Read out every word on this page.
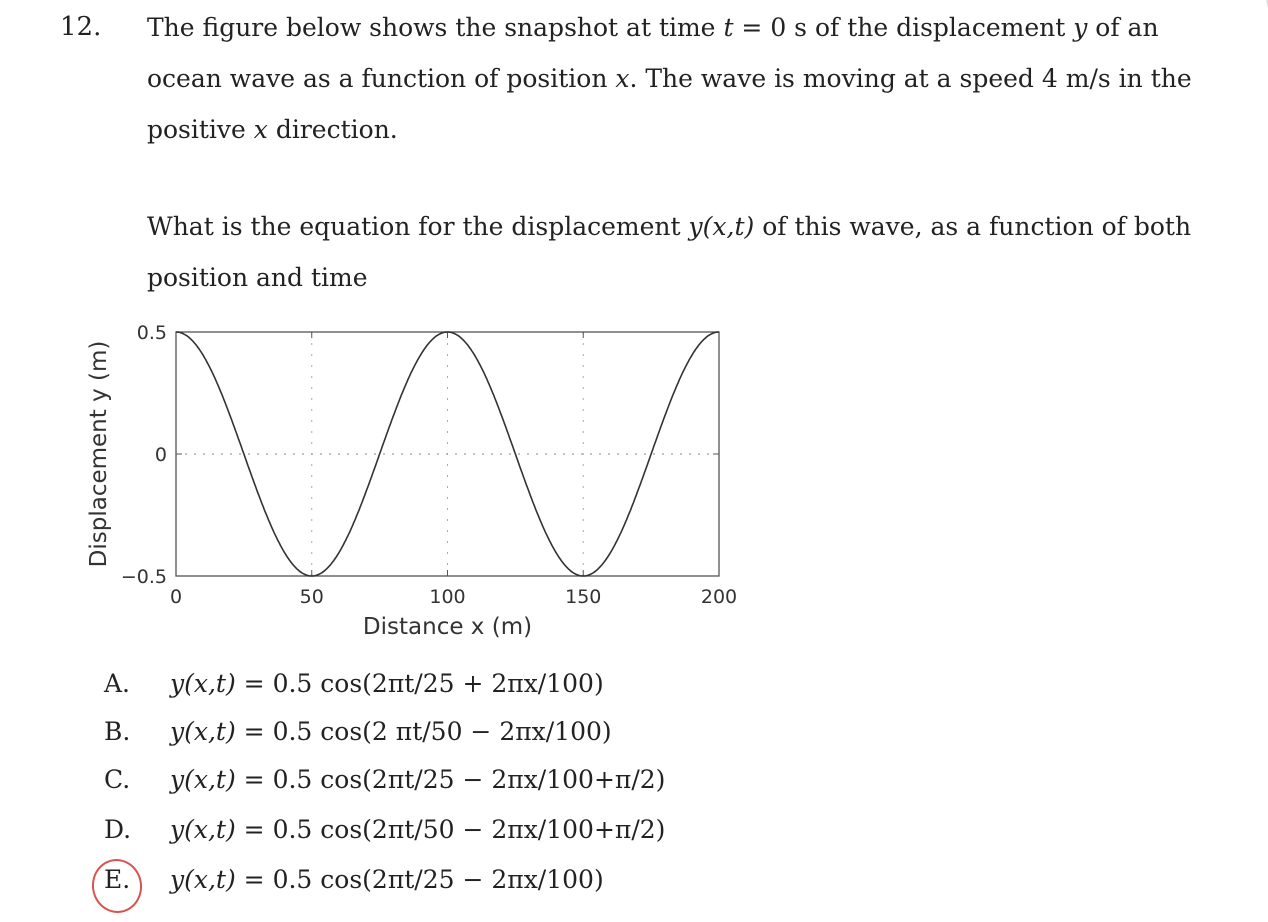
12. The figure below shows the snapshot at time t = 0 s of the displacement y of an ocean wave as a function of position x. The wave is moving at a speed 4 m/s in the positive x direction.
What is the equation for the displacement y(x,t) of this wave, as a function of both position and time
0	50	100	150	200
0.5
0
−0.5
Distance x (m)
Displacement y (m)
A. y(x,t) = 0.5 cos(2πt/25 + 2πx/100)
B. y(x,t) = 0.5 cos(2 πt/50 − 2πx/100)
C. y(x,t) = 0.5 cos(2πt/25 − 2πx/100+π/2)
D. y(x,t) = 0.5 cos(2πt/50 − 2πx/100+π/2)
E. y(x,t) = 0.5 cos(2πt/25 − 2πx/100)
